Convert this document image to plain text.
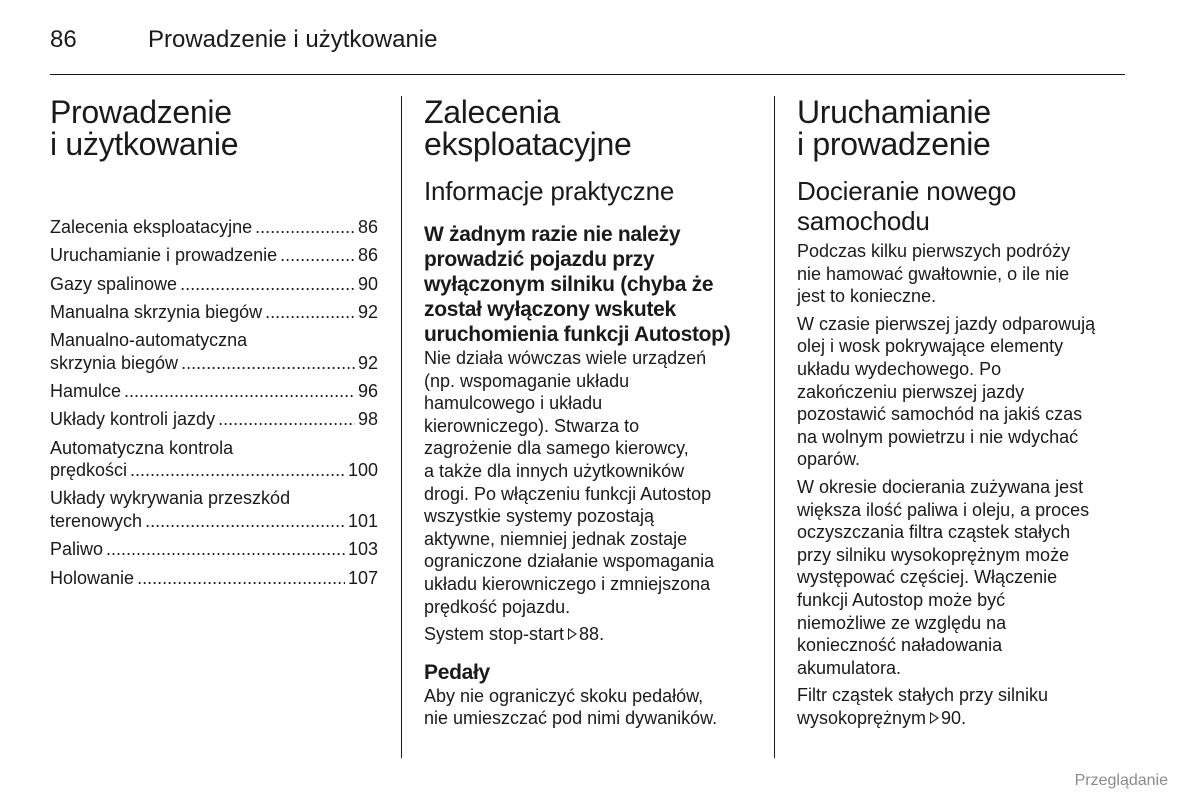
86	Prowadzenie i użytkowanie
Prowadzenie
i użytkowanie
Zalecenia eksploatacyjne .....	86
Uruchamianie i prowadzenie .....	86
Gazy spalinowe .....	90
Manualna skrzynia biegów .....	92
Manualno-automatyczna
skrzynia biegów .....	92
Hamulce .....	96
Układy kontroli jazdy .....	98
Automatyczna kontrola
prędkości .....	100
Układy wykrywania przeszkód
terenowych .....	101
Paliwo .....	103
Holowanie .....	107
Zalecenia
eksploatacyjne
Informacje praktyczne
W żadnym razie nie należy
prowadzić pojazdu przy
wyłączonym silniku (chyba że
został wyłączony wskutek
uruchomienia funkcji Autostop)

Nie działa wówczas wiele urządzeń
(np. wspomaganie układu
hamulcowego i układu
kierowniczego). Stwarza to
zagrożenie dla samego kierowcy,
a także dla innych użytkowników
drogi. Po włączeniu funkcji Autostop
wszystkie systemy pozostają
aktywne, niemniej jednak zostaje
ograniczone działanie wspomagania
układu kierowniczego i zmniejszona
prędkość pojazdu.

System stop-start 88.

Pedały

Aby nie ograniczyć skoku pedałów,
nie umieszczać pod nimi dywaników.

Uruchamianie
i prowadzenie
Docieranie nowego
samochodu

Podczas kilku pierwszych podróży
nie hamować gwałtownie, o ile nie
jest to konieczne.

W czasie pierwszej jazdy odparowują
olej i wosk pokrywające elementy
układu wydechowego. Po
zakończeniu pierwszej jazdy
pozostawić samochód na jakiś czas
na wolnym powietrzu i nie wdychać
oparów.

W okresie docierania zużywana jest
większa ilość paliwa i oleju, a proces
oczyszczania filtra cząstek stałych
przy silniku wysokoprężnym może
występować częściej. Włączenie
funkcji Autostop może być
niemożliwe ze względu na
konieczność naładowania
akumulatora.

Filtr cząstek stałych przy silniku
wysokoprężnym 90.

Przeglądanie
